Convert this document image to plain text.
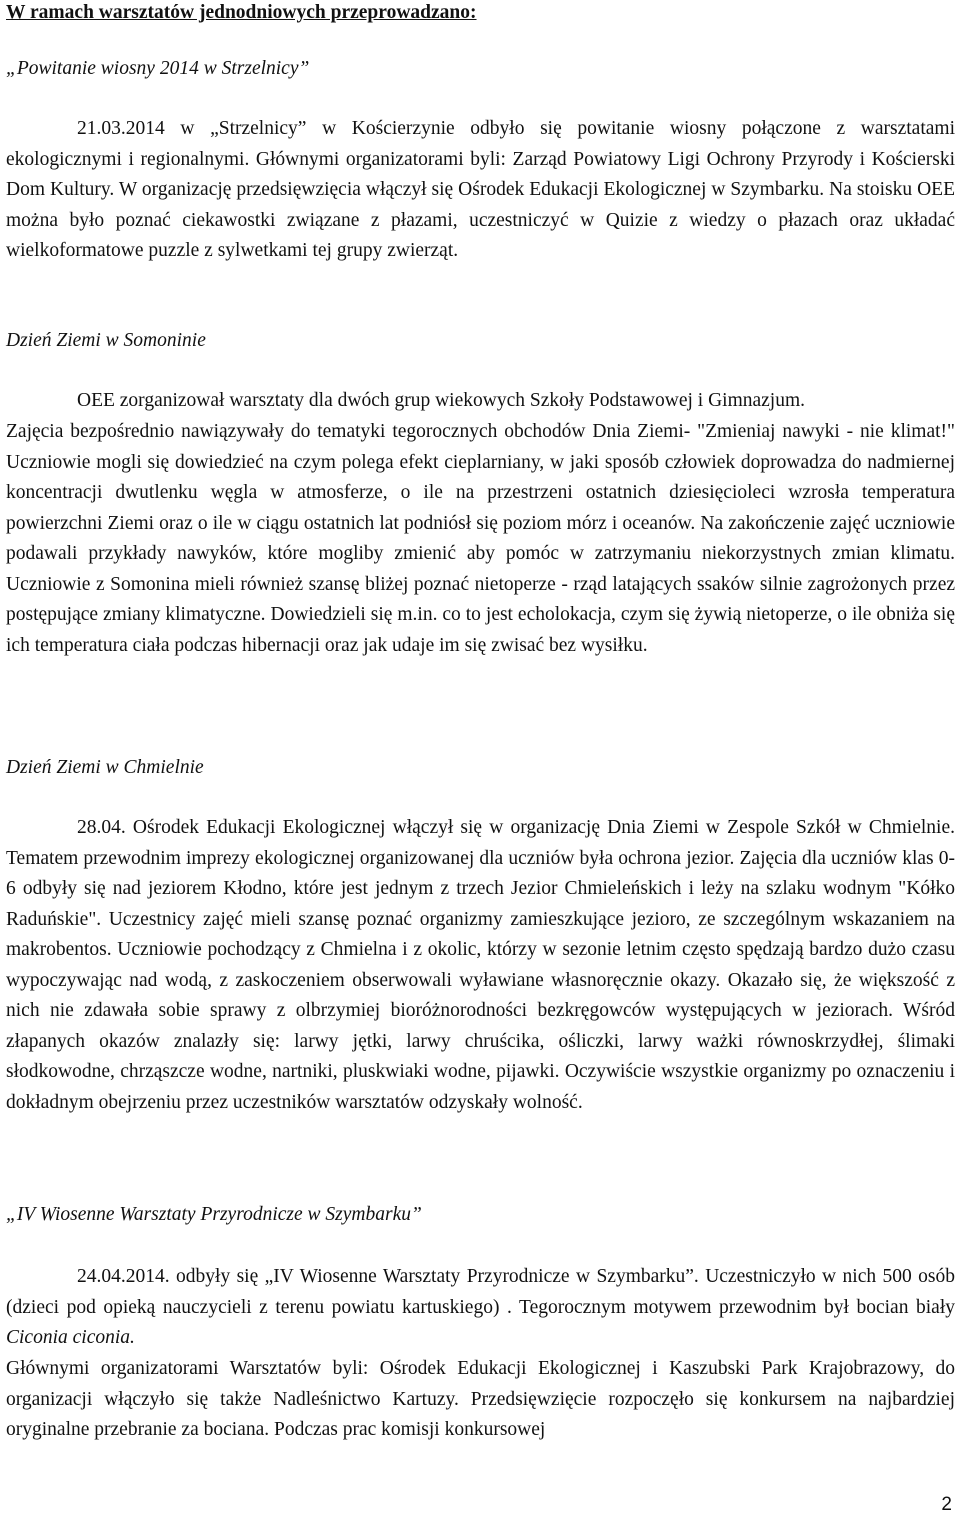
W ramach warsztatów jednodniowych przeprowadzano:
„Powitanie wiosny 2014 w Strzelnicy”

21.03.2014 w „Strzelnicy” w Kościerzynie odbyło się powitanie wiosny połączone z warsztatami ekologicznymi i regionalnymi. Głównymi organizatorami byli: Zarząd Powiatowy Ligi Ochrony Przyrody i Kościerski Dom Kultury. W organizację przedsięwzięcia włączył się Ośrodek Edukacji Ekologicznej w Szymbarku. Na stoisku OEE można było poznać ciekawostki związane z płazami, uczestniczyć w Quizie z wiedzy o płazach oraz układać wielkoformatowe puzzle z sylwetkami tej grupy zwierząt.

Dzień Ziemi w Somoninie

OEE zorganizował warsztaty dla dwóch grup wiekowych Szkoły Podstawowej i Gimnazjum.

Zajęcia bezpośrednio nawiązywały do tematyki tegorocznych obchodów Dnia Ziemi- "Zmieniaj nawyki - nie klimat!" Uczniowie mogli się dowiedzieć na czym polega efekt cieplarniany, w jaki sposób człowiek doprowadza do nadmiernej koncentracji dwutlenku węgla w atmosferze, o ile na przestrzeni ostatnich dziesięcioleci wzrosła temperatura powierzchni Ziemi oraz o ile w ciągu ostatnich lat podniósł się poziom mórz i oceanów. Na zakończenie zajęć uczniowie podawali przykłady nawyków, które mogliby zmienić aby pomóc w zatrzymaniu niekorzystnych zmian klimatu. Uczniowie z Somonina mieli również szansę bliżej poznać nietoperze - rząd latających ssaków silnie zagrożonych przez postępujące zmiany klimatyczne. Dowiedzieli się m.in. co to jest echolokacja, czym się żywią nietoperze, o ile obniża się ich temperatura ciała podczas hibernacji oraz jak udaje im się zwisać bez wysiłku.

Dzień Ziemi w Chmielnie

28.04. Ośrodek Edukacji Ekologicznej włączył się w organizację Dnia Ziemi w Zespole Szkół w Chmielnie. Tematem przewodnim imprezy ekologicznej organizowanej dla uczniów była ochrona jezior. Zajęcia dla uczniów klas 0-6 odbyły się nad jeziorem Kłodno, które jest jednym z trzech Jezior Chmieleńskich i leży na szlaku wodnym "Kółko Raduńskie". Uczestnicy zajęć mieli szansę poznać organizmy zamieszkujące jezioro, ze szczególnym wskazaniem na makrobentos. Uczniowie pochodzący z Chmielna i z okolic, którzy w sezonie letnim często spędzają bardzo dużo czasu wypoczywając nad wodą, z zaskoczeniem obserwowali wyławiane własnoręcznie okazy. Okazało się, że większość z nich nie zdawała sobie sprawy z olbrzymiej bioróżnorodności bezkręgowców występujących w jeziorach. Wśród złapanych okazów znalazły się: larwy jętki, larwy chruścika, ośliczki, larwy ważki równoskrzydłej, ślimaki słodkowodne, chrząszcze wodne, nartniki, pluskwiaki wodne, pijawki. Oczywiście wszystkie organizmy po oznaczeniu i dokładnym obejrzeniu przez uczestników warsztatów odzyskały wolność.

„IV Wiosenne Warsztaty Przyrodnicze w Szymbarku”

24.04.2014. odbyły się „IV Wiosenne Warsztaty Przyrodnicze w Szymbarku”. Uczestniczyło w nich 500 osób (dzieci pod opieką nauczycieli z terenu powiatu kartuskiego) . Tegorocznym motywem przewodnim był bocian biały Ciconia ciconia.

Głównymi organizatorami Warsztatów byli: Ośrodek Edukacji Ekologicznej i Kaszubski Park Krajobrazowy, do organizacji włączyło się także Nadleśnictwo Kartuzy. Przedsięwzięcie rozpoczęło się konkursem na najbardziej oryginalne przebranie za bociana. Podczas prac komisji konkursowej

2
